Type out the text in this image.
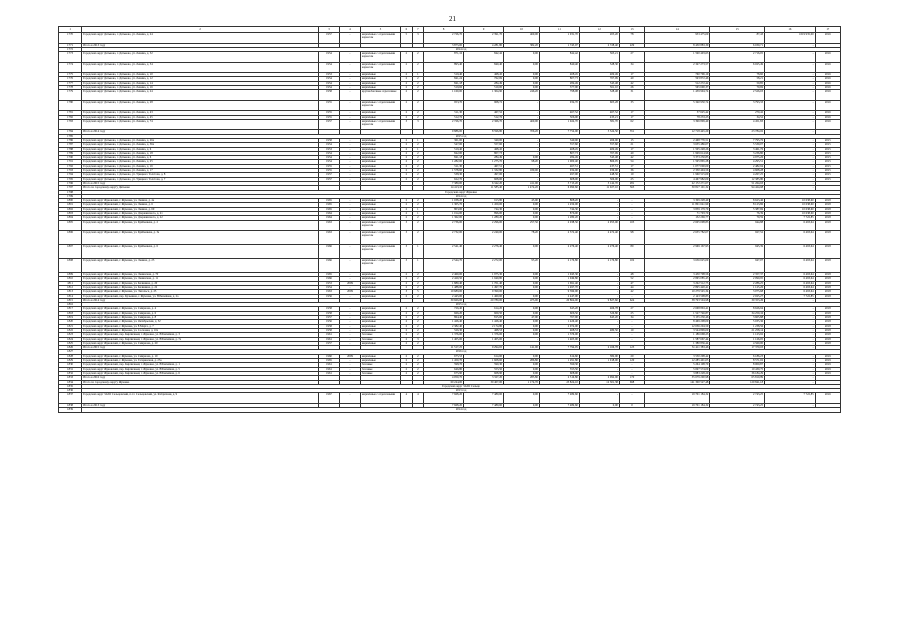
21
1	2	3	4	5	6	7	8	9	10	11	12	13	14	15	16	17
1770	Городской округ Дятьково, г. Дятьково, ул. Ленина, д. 24	1957	-	кирпичные с отделочными каркасом	5	3	2 726,70	2 391,70	460,00	1 931,70	205,20	78	953 475,00	87,43	1019 935,00	2016
1771	Итого в 2013 году						3 873,00	4 281,80	382,20	1 745,07	2 728,40	229	8 430 883,30	6 039,71	-	
1772	2014 год															
1773	Городской округ Дятьково, г. Дятьково, ул. Ленина, д. 52	1954	-	кирпичные с отделочными каркасом	2	2	871,16	842,42	0,00	842,42	565,21	27	1 590 493,63	2 716,05	-	2016
1774	Городской округ Дятьково, г. Дятьково, ул. Ленина, д. 54	1954	-	кирпичные с отделочными каркасом	2	2	895,40	840,40	0,00	840,40	528,30	34	2 347 273,57	6 025,49	-	2016
1775	Городской округ Дятьково, г. Дятьково, ул. Ленина, д. 10	1953	-	кирпичные	2	1	519,40	468,45	0,00	468,45	409,49	17	760 796,19	78,60	-	2016
1776	Городской округ Дятьково, г. Дятьково, ул. Ленина, д. 12	1954	-	кирпичные	2	2	841,24	762,69	0,00	807,73	767,99	40	593 872,46	58,21	-	2016
1777	Городской округ Дятьково, г. Дятьково, ул. Ленина, д. 14	1954	-	кирпичные	2	2	841,18	284,49	0,00	284,49	543,48	42	512 272,42	50,85	-	2016
1778	Городской округ Дятьково, г. Дятьково, ул. Ленина, д. 16	1954	-	кирпичные	2	2	519,66	510,00	0,00	377,00	561,10	26	565 690,37	79,69	-	2016
1779	Городской округ Дятьково, г. Дятьково, ул. Ленина, д. 24	1958	-	крупноблочные отделочные	2	2	1 160,00	1 304,90	246,20	798,08	528,48	31	1 459 994,74	2 526,03	-	2016
1780	Городской округ Дятьково, г. Дятьково, ул. Ленина, д. 28	1955	-	кирпичные с отделочными каркасом	2	2	953,70	908,72	-	934,70	605,28	35	5 340 950,74	3 793,33	-	2016
1781	Городской округ Дятьково, г. Дятьково, ул. Ленина, д. 43	1955	-	кирпичные	2	2	511,30	467,52	-	467,52	467,52	17	57 625,42	270,42	-	2016
1782	Городской округ Дятьково, г. Дятьково, ул. Ленина, д. 45	1955	-	кирпичные	2	2	512,76	512,76	-	506,00	435,21	17	78 233,23	34,52	-	2016
1783	Городской округ Дятьково, г. Дятьково, ул. Ленина, д. 74	1957	-	кирпичные с отделочными каркасом	3	3	2 726,70	2 366,70	460,00	1 924,70	581,70	62	3 396 899,40	4 451,83	-	2016
1784	Итого в 2014 году						9 886,00	8 596,80	706,20	7 754,00	5 524,50	351	12 718 445,20	23 784,02	-	
1785	2015 год															
1786	Городской округ Дятьково, г. Дятьково, ул. Ленина, д. 26а	1958	-	кирпичные	2	1	361,00	340,00	-	340,00	266,00	15	2 468 776,51	7 795,76	-	2015
1787	Городской округ Дятьково, г. Дятьково, ул. Ленина, д. 36а	1954	-	кирпичные	2	2	547,00	557,60	-	557,60	557,60	21	3 635 486,07	5 539,07	-	2015
1788	Городской округ Дятьково, г. Дятьково, ул. Ленина, д. 6	1953	-	кирпичные	2	1	519,40	468,45	-	468,45	409,49	17	1 505 248,26	3 461,76	-	2015
1789	Городской округ Дятьково, г. Дятьково, ул. Ленина, д. 18	1954	-	кирпичные	2	2	842,00	807,73	-	807,73	767,99	40	1 999 614,96	3 236,80	-	2015
1790	Городской округ Дятьково, г. Дятьково, ул. Ленина, д. 6	1954	-	кирпичные	2	2	841,18	284,49	0,00	284,49	543,48	42	3 373 250,85	4 975,26	-	2015
1791	Городской округ Дятьково, г. Дятьково, ул. Ленина, д. 25	1954	-	кирпичные	2	2	1 282,00	1 275,70	98,20	1 000,40	866,05	54	1 595 865,28	4 295,51	-	2015
1792	Городской округ Дятьково, г. Дятьково, ул. Ленина, д. 16	1955	-	кирпичные	2	2	511,30	467,51	-	467,51	437,51	17	1 077 000,00	2 482,94	-	2015
1793	Городской округ Дятьково, г. Дятьково, ул. Ленина, д. 17	1955	-	кирпичные	2	2	1 578,60	1 332,80	180,00	934,00	936,00	36	2 330 494,56	4 608,28	-	2015
1794	Городской округ Дятьково, г. Дятьково, ул. Урицкого Толстова, д. 8	1957	-	кирпичные	2	2	538,30	497,00	-	497,00	448,56	19	1 960 515,00	4 267,25	-	2015
1795	Городской округ Дятьково, г. Дятьково, ул. Урицкого Толстова, д. 7	1957	-	кирпичные	2	2	622,70	608,00	-	608,00	506,00	25	4 467 982,00	12 385,80	-	2015
1796	Итого в 2015 году						7 380,00	6 342,20	411,00	5 713,20	5 142,70	281	22 172 271,07	51 264,63	-	
1797	Итого по городскому округу Дятьково						14 413,10	11 585,40	1 474,20	6 090,60	11 027,10	563	50 817 101,32	94 424,68	-	
1798	Городской округ Жуковка															
1799	2014 год															
1800	Городской округ Жуковский, г. Жуковка, ул. Ленина, д. 4а	1965	-	кирпичные	2	2	1 038,20	913,80	45,00	868,20	-	-	3 309 228,49	8 623,46	10 638,60	2018
1801	Городской округ Жуковский, г. Жуковка, ул. Ленина, д. 6	1965	-	кирпичные	2	2	1 305,70	1 459,00	0,00	1 459,00	-	-	11 801 641,99	8 123,86	10 638,60	2018
1802	Городской округ Жуковский, г. Жуковка, ул. Ленина, д. 69	1965	-	кирпичные	2	1	803,00	744,30	0,00	744,30	-	-	3 859 179,70	5 387,69	10 638,60	2018
1803	Городской округ Жуковский, г. Жуковка, ул. Дзержинского, д. 21	1964	-	кирпичные	2	1	1 014,00	896,00	0,00	876,00	-	-	71 793,70	76,39	10 638,60	2018
1804	Городской округ Жуковский, г. Жуковка, ул. Дзержинского, д. 22	1964	-	кирпичные	2	2	1 362,00	1 280,20	0,00	1 280,20	-	-	152 269,77	79,59	7 722,85	2018
1805	Городской округ Жуковский, г. Жуковка, ул. Куйбышева, д. 2	1963	-	кирпичные с отделочными каркасом	3	2	2 736,00	2 296,00	257,50	2 038,50	2 955,00	103	2 605 098,83	944,88	6 493,64	2018
1806	Городской округ Жуковский, г. Жуковка, ул. Куйбышева, д. 3а	1963	-	кирпичные с отделочными каркасом	3	2	2 732,00	2 249,00	78,20	2 572,40	2 472,40	98	2 655 782,07	927,52	6 493,64	2018
1807	Городской округ Жуковский, г. Жуковка, ул. Куйбышева, д. 6	1966	-	кирпичные с отделочными каркасом	3	1	2 541,40	2 276,40	0,00	2 276,40	2 276,40	89	2 969 167,95	945,39	6 493,64	2018
1808	Городской округ Жуковский, г. Жуковка, ул. Ленина, д. 25	1966	-	кирпичные с отделочными каркасом	3	1	2 544,70	2 272,00	95,20	2 176,80	2 176,80	102	3 636 625,09	947,07	6 493,64	2018
1809	Городской округ Жуковский, г. Жуковка, ул. Ленинская, д. 70	1965	-	кирпичные	2	2	2 469,00	1 975,30	0,00	1 945,30	-	48	3 450 708,56	2 357,37	6 493,64	2018
1810	Городской округ Жуковский, г. Жуковка, ул. Ленинская, д. 11	1966	-	кирпичные	2	2	2 429,50	1 949,80	0,00	1 949,80	-	52	2 865 085,43	2 090,95	6 493,64	2018
1811	Городской округ Жуковский, г. Жуковка, ул. Калинина, д. 20	1953	2009	кирпичные	2	2	1 880,40	1 701,40	0,00	1 691,40	-	47	3 292 512,75	2 286,25	6 493,64	2018
1812	Городской округ Жуковский, г. Жуковка, ул. Калинина, д. 22	1954	-	кирпичные	2	2	1 488,00	1 497,70	0,00	1 497,70	-	44	2 895 420,41	1 125,26	6 493,64	2018
1813	Городской округ Жуковский, г. Жуковка, ул. Энгельса, д. 25	1963	2009	кирпичные	3	5	10 689,00	9 399,00	-	9 399,00	-	42	10 279 545,34	3 075,68	6 493,64	2018
1814	Городской округ Жуковский, пер. Кузьмина, г. Жуковка, ул. Юбилейная, д. 2а	1956	-	кирпичные	2	2	2 443,00	1 460,60	0,00	2 447,00	-	-	2 143 508,83	2 025,27	7 722,85	2018
1815	Итого в 2014 году						39 666,00	20 780,00	473,00	20 864,00	9 827,60	624	58 793 504,98	39 353,26	-	
1816	2015 год															
1817	Городской округ Жуковский, г. Жуковка, ул. Смирнова, д. 4	1958	-	кирпичные	2	2	726,40	614,20	0,00	645,20	466,78	27	2 668 863,41	8 626,94	-	2018
1818	Городской округ Жуковский, г. Жуковка, ул. Смирнова, д. 6	1958	-	кирпичные	2	2	666,20	609,50	0,00	606,50	526,80	25	1 527 746,87	34 259,16	-	2018
1819	Городской округ Жуковский, г. Жуковка, ул. Смирнова, д. 8	1957	-	кирпичные	2	2	864,40	815,00	47,00	767,90	645,20	34	3 155 230,46	3 605,88	-	2018
1820	Городской округ Жуковский, г. Жуковка, ул. Октябрьская, д. 52	1956	-	кирпичные	2	2	1 426,40	1 426,40	0,00	1 426,40	-	-	8 469 208,00	5 035,36	-	2018
1821	Городской округ Жуковский, г. Жуковка, ул. 8 Марта, д. 7	1958	-	кирпичные	2	2	2 382,40	2 174,80	0,00	2 074,00	-	-	12 036 204,59	1 238,56	-	2018
1822	Городской округ Жуковский, г. Жуковка, ул. Сосновая, д. 10а	1958	-	кирпичные	2	2	526,30	468,53	0,00	468,53	480,50	19	3 544 899,00	21 258,14	-	2018
1823	Городской округ Жуковский, пер. Кирпичный, г. Жуковка, ул. Юбилейная, д. 3	1961	-	блочные	2	2	1 376,00	1 376,00	0,00	1 376,00	-	-	1 186 668,23	1 123,92	-	2018
1824	Городской округ Жуковский, пер. Кирпичный, г. Жуковка, ул. Юбилейная, д. 7а	1961	-	блочные	2	3	1 405,00	1 405,00	-	1 405,00	-	-	1 587 667,44	1 126,05	-	2018
1825	Городской округ Жуковский, г. Жуковка, ул. Смирнова, д. 20	1957	-	кирпичные	2	2							1 380 836,44	4 560,00	-	2018
1826	Итого в 2015 году						11 517,25	9 294,65	141,00	7 794,05	2 166,78	123	31 411 383,46	17 370,03	-	
1827	2016 год															
1828	Городской округ Жуковский, г. Жуковка, ул. Смирнова, д. 19	1960	2009	кирпичные	2	2	675,53	614,60	0,00	614,60	382,00	20	3 550 298,42	6 186,23	-	2019
1829	Городской округ Жуковский, г. Жуковка, ул. Гагаринская, д. 25а	1965	-	кирпичные	2	2	1 450,70	1 608,60	286,80	1 291,80	1 018,00	120	12 285 491,05	8 571,02	-	2019
1830	Городской округ Жуковский, пер. Кирпичный, г. Жуковка, ул. Юбилейная, д. 1	1961	-	блочные	2	2	598,70	590,30	0,00	590,30	-	-	5 264 198,70	8 000,87	-	2019
1831	Городской округ Жуковский, пер. Кирпичный, г. Жуковка, ул. Юбилейная, д. 5	1961	-	блочные	2	2	646,80	553,50	0,00	553,50	-	-	5 697 574,00	10 430,75	-	2019
1832	Городской округ Жуковский, пер. Кирпичный, г. Жуковка, ул. Юбилейная, д. 6	1961	-	блочные	2	2	675,90	608,90	0,00	608,90	-	-	3 883 228,20	36 184,29	-	2019
1833	Итого в 2016 году						4 050,70	3 327,20	285,80	2 516,80	2 092,00	170	35 679 290,98	65 810,89	-	
1834	Итого по городскому округу Жуковка						60 244,00	30 407,00	1 174,70	23 824,10	12 301,38	698	141 300 527,48	129 841,18	-	
1835	Городской округ ЗАТО Сельцо															
1836	2013 год															
1837	Городской округ ЗАТО Сельцовский, п.г.т. Сельцовский, ул. Фабричная, д. 9	1967	-	кирпичные с отделочными	4	4	7 668,20	7 489,60	0,00	7 489,60	-	-	19 701 184,32	2 743,25	7 722,85	2016
1838	Итого в 2013 году						7 668,20	7 489,60	0,00	7 489,60	0,00	0	19 701 184,32	2 743,25	-	
1839	2014 год															
